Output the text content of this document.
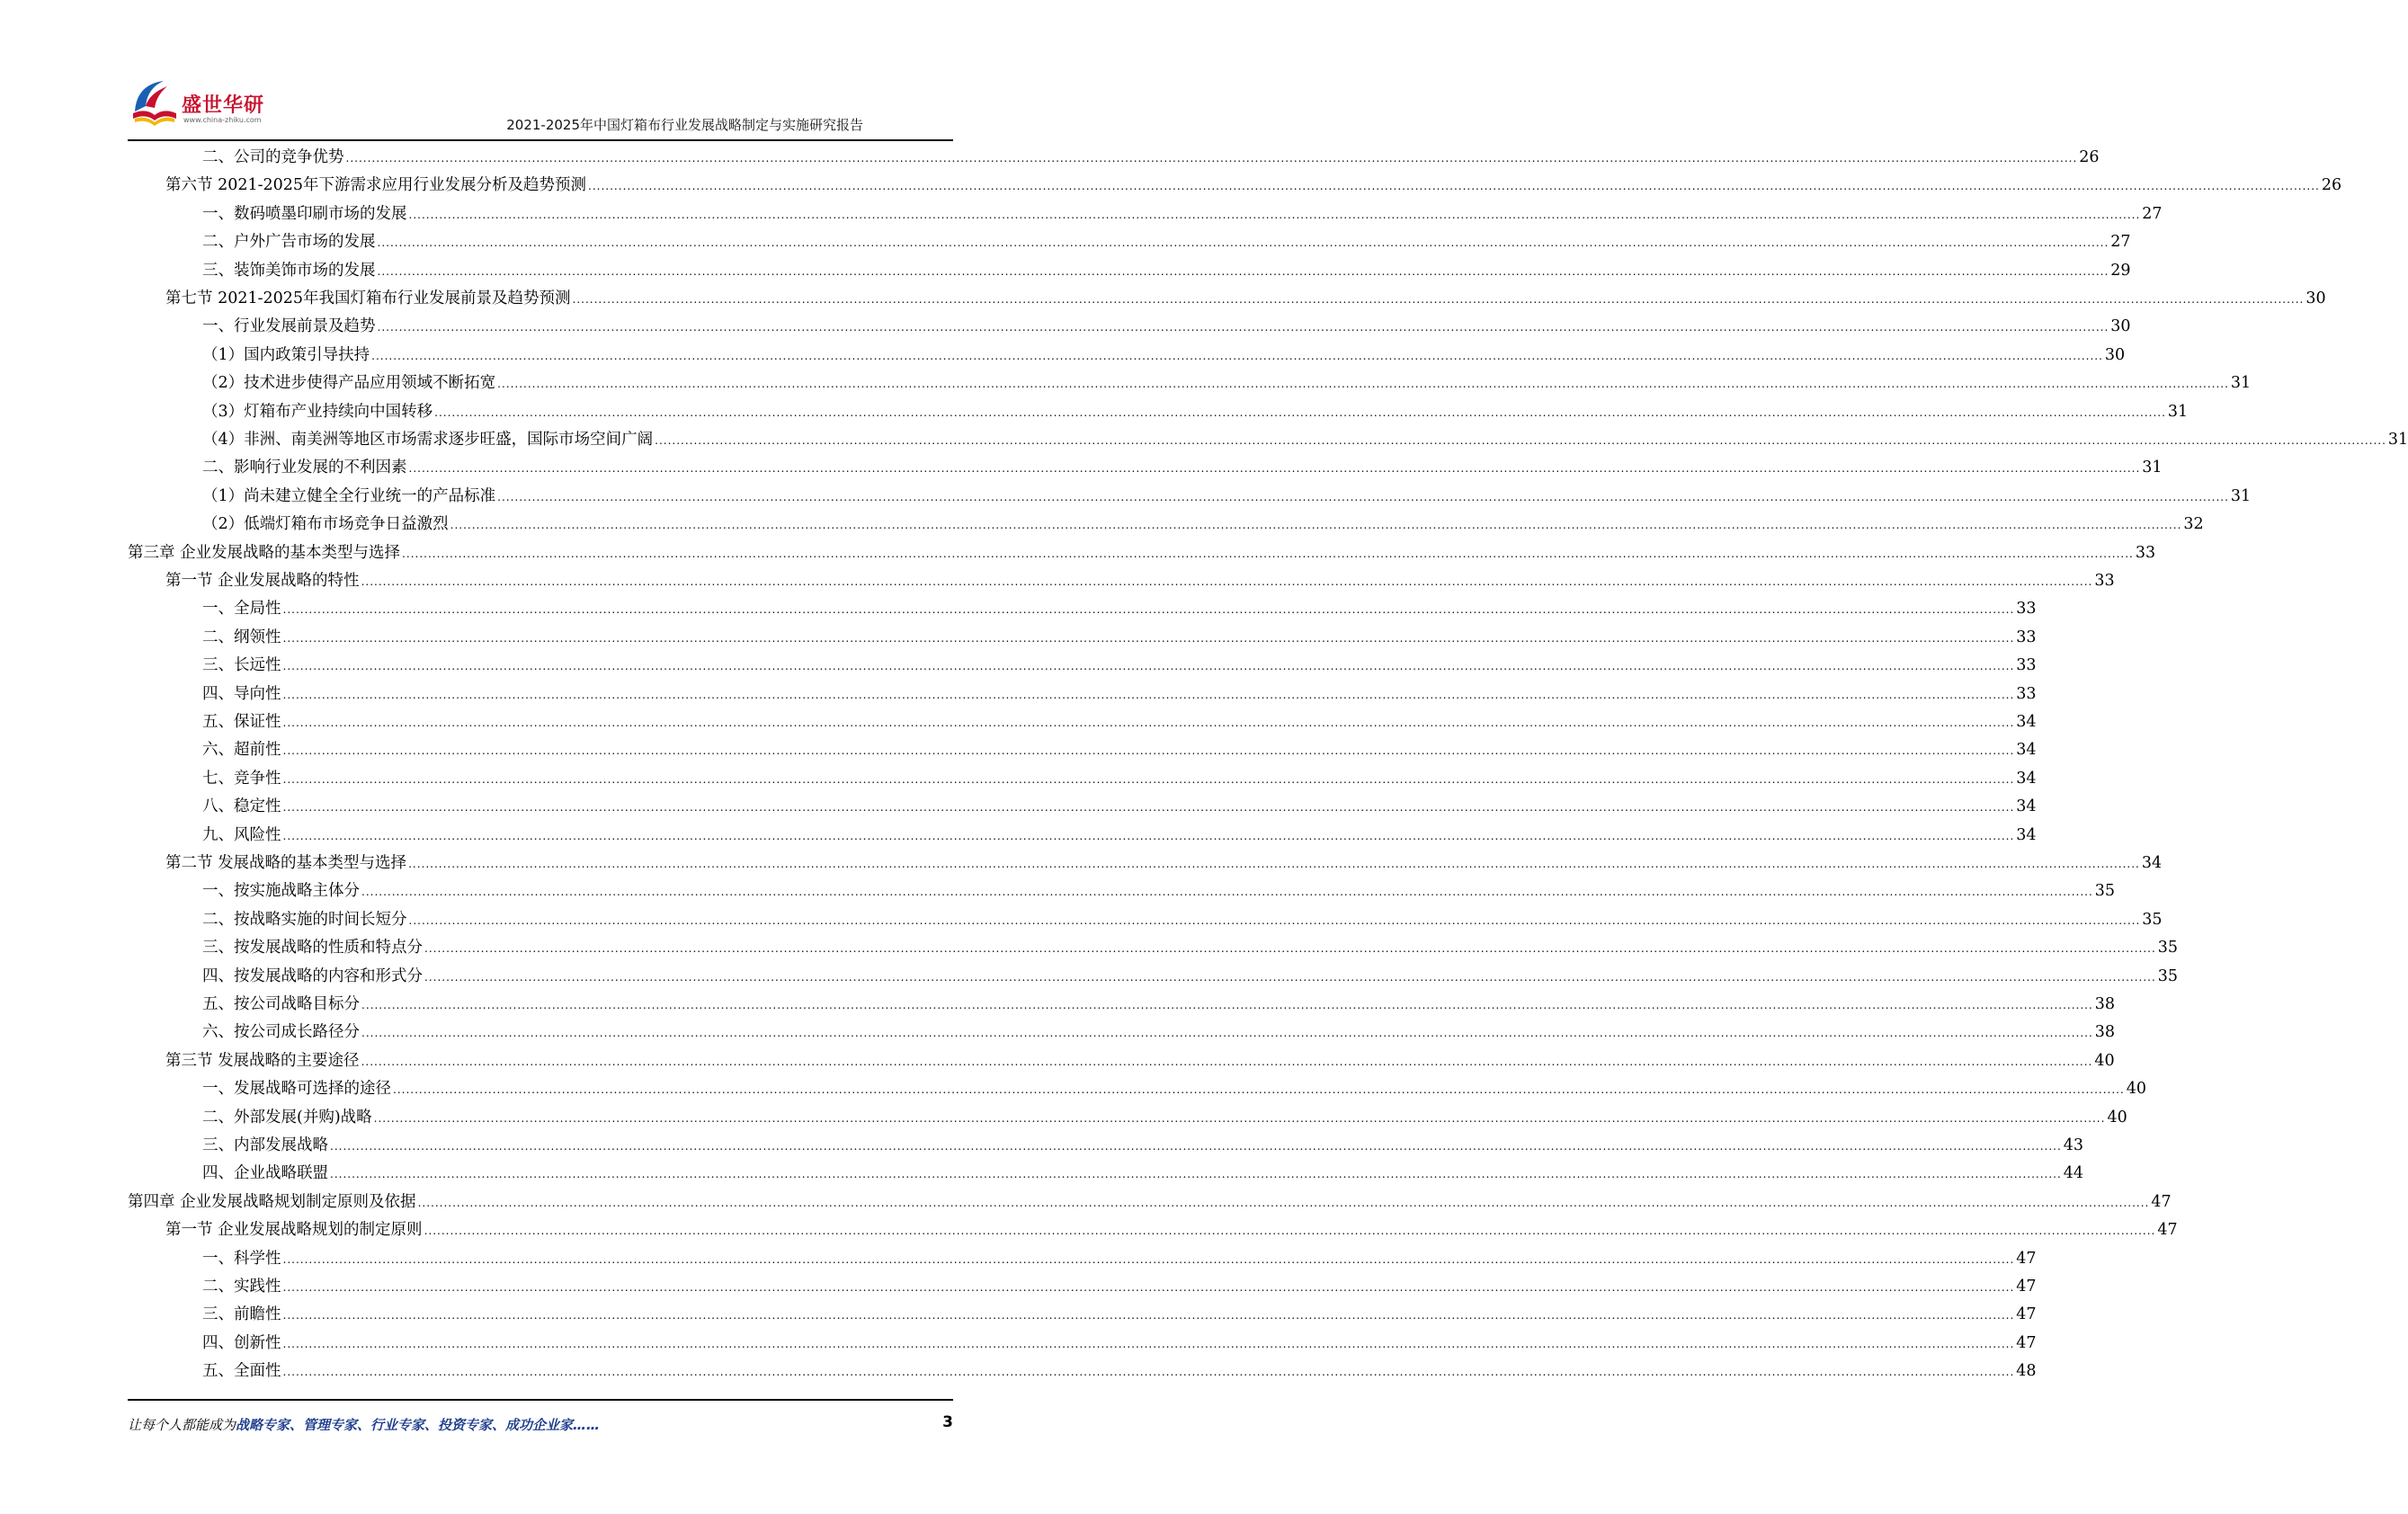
盛世华研
www.china-zhiku.com	2021-2025年中国灯箱布行业发展战略制定与实施研究报告
二、公司的竞争优势 ................................................................................................................................................................................................................................................................................................................................................................................................................ 26
第六节 2021-2025年下游需求应用行业发展分析及趋势预测 ................................................................................................................................................................................................................................................................................................................................................................................................................ 26
一、数码喷墨印刷市场的发展 ................................................................................................................................................................................................................................................................................................................................................................................................................ 27
二、户外广告市场的发展 ................................................................................................................................................................................................................................................................................................................................................................................................................ 27
三、装饰美饰市场的发展 ................................................................................................................................................................................................................................................................................................................................................................................................................ 29
第七节 2021-2025年我国灯箱布行业发展前景及趋势预测 ................................................................................................................................................................................................................................................................................................................................................................................................................ 30
一、行业发展前景及趋势 ................................................................................................................................................................................................................................................................................................................................................................................................................ 30
（1）国内政策引导扶持 ................................................................................................................................................................................................................................................................................................................................................................................................................ 30
（2）技术进步使得产品应用领域不断拓宽 ................................................................................................................................................................................................................................................................................................................................................................................................................ 31
（3）灯箱布产业持续向中国转移 ................................................................................................................................................................................................................................................................................................................................................................................................................ 31
（4）非洲、南美洲等地区市场需求逐步旺盛，国际市场空间广阔 ................................................................................................................................................................................................................................................................................................................................................................................................................ 31
二、影响行业发展的不利因素 ................................................................................................................................................................................................................................................................................................................................................................................................................ 31
（1）尚未建立健全全行业统一的产品标准 ................................................................................................................................................................................................................................................................................................................................................................................................................ 31
（2）低端灯箱布市场竞争日益激烈 ................................................................................................................................................................................................................................................................................................................................................................................................................ 32
第三章 企业发展战略的基本类型与选择 ................................................................................................................................................................................................................................................................................................................................................................................................................ 33
第一节 企业发展战略的特性 ................................................................................................................................................................................................................................................................................................................................................................................................................ 33
一、全局性 ................................................................................................................................................................................................................................................................................................................................................................................................................ 33
二、纲领性 ................................................................................................................................................................................................................................................................................................................................................................................................................ 33
三、长远性 ................................................................................................................................................................................................................................................................................................................................................................................................................ 33
四、导向性 ................................................................................................................................................................................................................................................................................................................................................................................................................ 33
五、保证性 ................................................................................................................................................................................................................................................................................................................................................................................................................ 34
六、超前性 ................................................................................................................................................................................................................................................................................................................................................................................................................ 34
七、竞争性 ................................................................................................................................................................................................................................................................................................................................................................................................................ 34
八、稳定性 ................................................................................................................................................................................................................................................................................................................................................................................................................ 34
九、风险性 ................................................................................................................................................................................................................................................................................................................................................................................................................ 34
第二节 发展战略的基本类型与选择 ................................................................................................................................................................................................................................................................................................................................................................................................................ 34
一、按实施战略主体分 ................................................................................................................................................................................................................................................................................................................................................................................................................ 35
二、按战略实施的时间长短分 ................................................................................................................................................................................................................................................................................................................................................................................................................ 35
三、按发展战略的性质和特点分 ................................................................................................................................................................................................................................................................................................................................................................................................................ 35
四、按发展战略的内容和形式分 ................................................................................................................................................................................................................................................................................................................................................................................................................ 35
五、按公司战略目标分 ................................................................................................................................................................................................................................................................................................................................................................................................................ 38
六、按公司成长路径分 ................................................................................................................................................................................................................................................................................................................................................................................................................ 38
第三节 发展战略的主要途径 ................................................................................................................................................................................................................................................................................................................................................................................................................ 40
一、发展战略可选择的途径 ................................................................................................................................................................................................................................................................................................................................................................................................................ 40
二、外部发展(并购)战略 ................................................................................................................................................................................................................................................................................................................................................................................................................ 40
三、内部发展战略 ................................................................................................................................................................................................................................................................................................................................................................................................................ 43
四、企业战略联盟 ................................................................................................................................................................................................................................................................................................................................................................................................................ 44
第四章 企业发展战略规划制定原则及依据 ................................................................................................................................................................................................................................................................................................................................................................................................................ 47
第一节 企业发展战略规划的制定原则 ................................................................................................................................................................................................................................................................................................................................................................................................................ 47
一、科学性 ................................................................................................................................................................................................................................................................................................................................................................................................................ 47
二、实践性 ................................................................................................................................................................................................................................................................................................................................................................................................................ 47
三、前瞻性 ................................................................................................................................................................................................................................................................................................................................................................................................................ 47
四、创新性 ................................................................................................................................................................................................................................................................................................................................................................................................................ 47
五、全面性 ................................................................................................................................................................................................................................................................................................................................................................................................................ 48
让每个人都能成为战略专家、管理专家、行业专家、投资专家、成功企业家……	3
